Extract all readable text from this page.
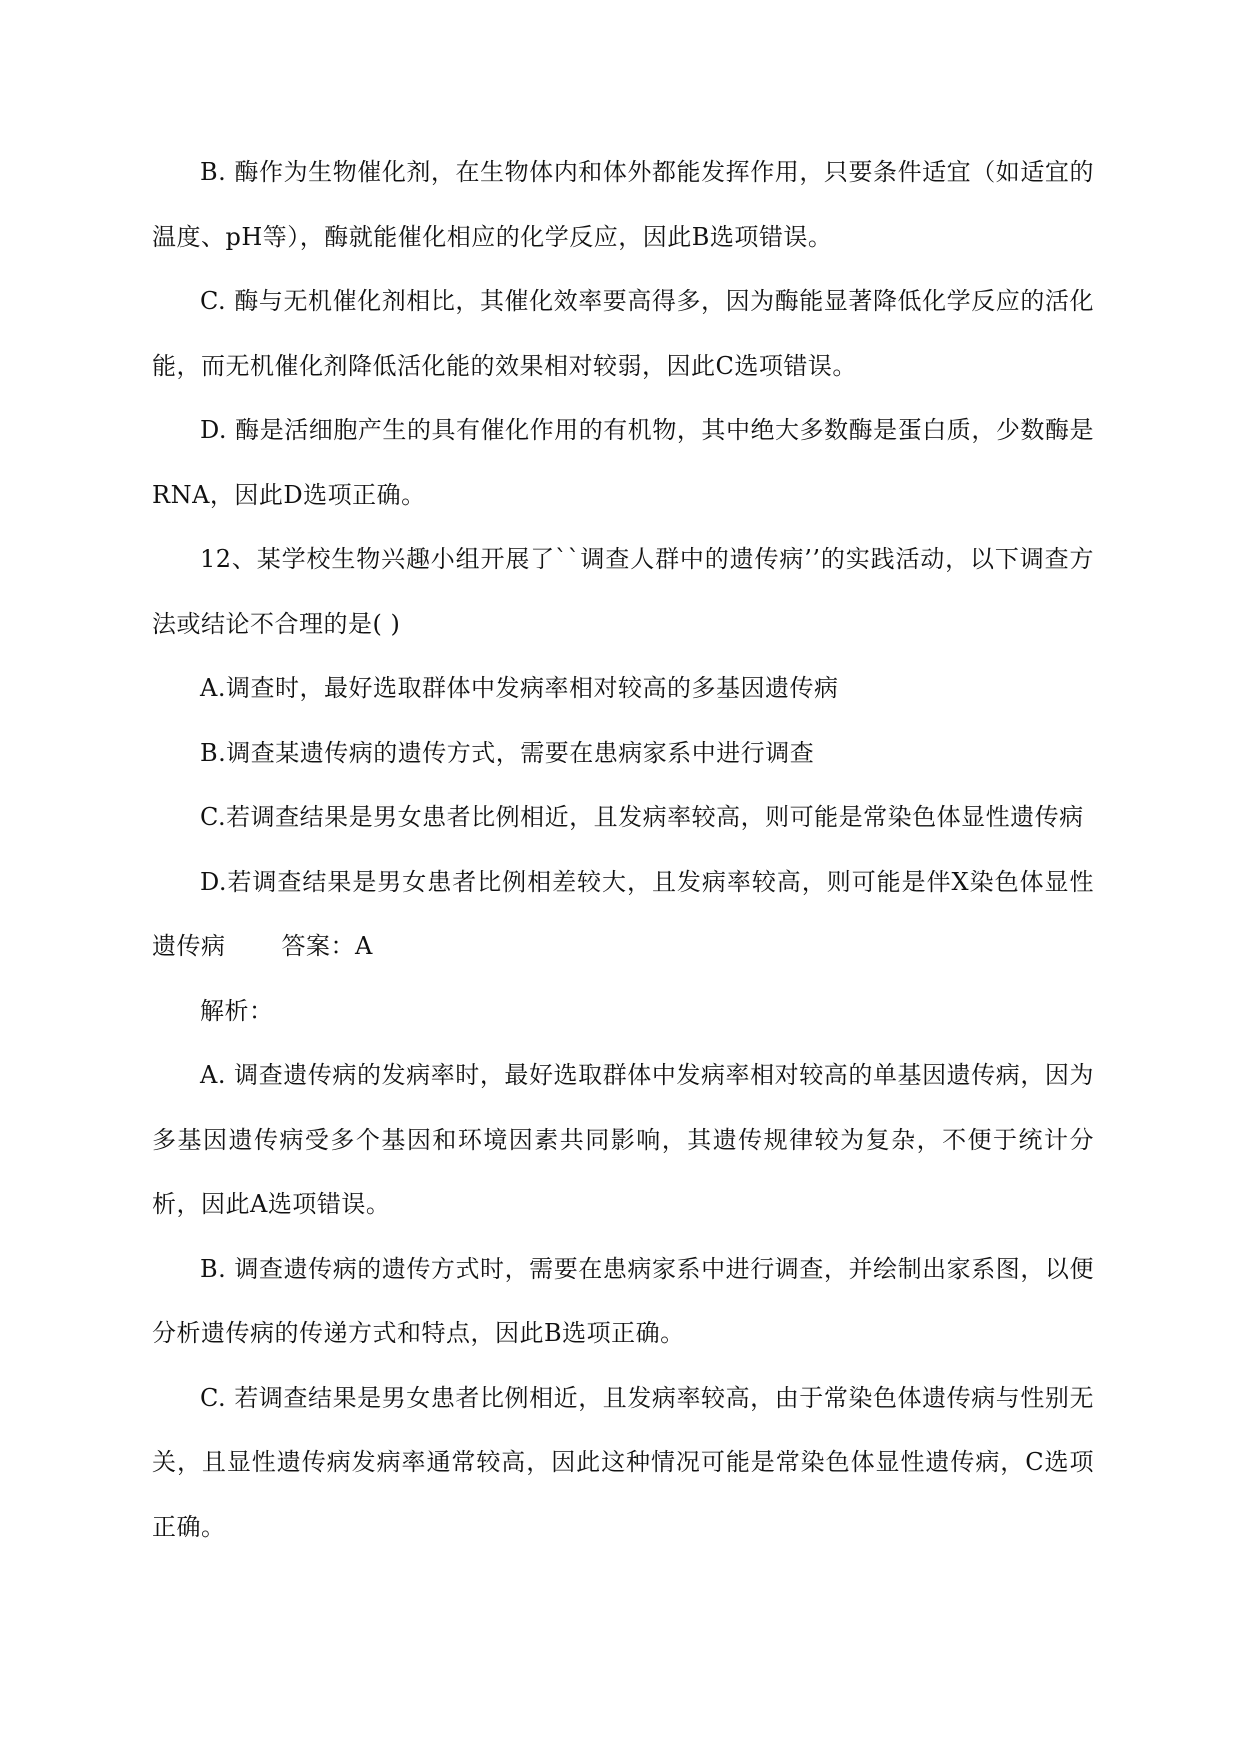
B. 酶作为生物催化剂，在生物体内和体外都能发挥作用，只要条件适宜（如适宜的温度、pH等），酶就能催化相应的化学反应，因此B选项错误。

C. 酶与无机催化剂相比，其催化效率要高得多，因为酶能显著降低化学反应的活化能，而无机催化剂降低活化能的效果相对较弱，因此C选项错误。

D. 酶是活细胞产生的具有催化作用的有机物，其中绝大多数酶是蛋白质，少数酶是RNA，因此D选项正确。

12、某学校生物兴趣小组开展了``调查人群中的遗传病’’的实践活动，以下调查方法或结论不合理的是( )

A.调查时，最好选取群体中发病率相对较高的多基因遗传病

B.调查某遗传病的遗传方式，需要在患病家系中进行调查

C.若调查结果是男女患者比例相近，且发病率较高，则可能是常染色体显性遗传病

D.若调查结果是男女患者比例相差较大，且发病率较高，则可能是伴X染色体显性遗传病 答案：A

解析：

A. 调查遗传病的发病率时，最好选取群体中发病率相对较高的单基因遗传病，因为多基因遗传病受多个基因和环境因素共同影响，其遗传规律较为复杂，不便于统计分析，因此A选项错误。

B. 调查遗传病的遗传方式时，需要在患病家系中进行调查，并绘制出家系图，以便分析遗传病的传递方式和特点，因此B选项正确。

C. 若调查结果是男女患者比例相近，且发病率较高，由于常染色体遗传病与性别无关，且显性遗传病发病率通常较高，因此这种情况可能是常染色体显性遗传病，C选项正确。
